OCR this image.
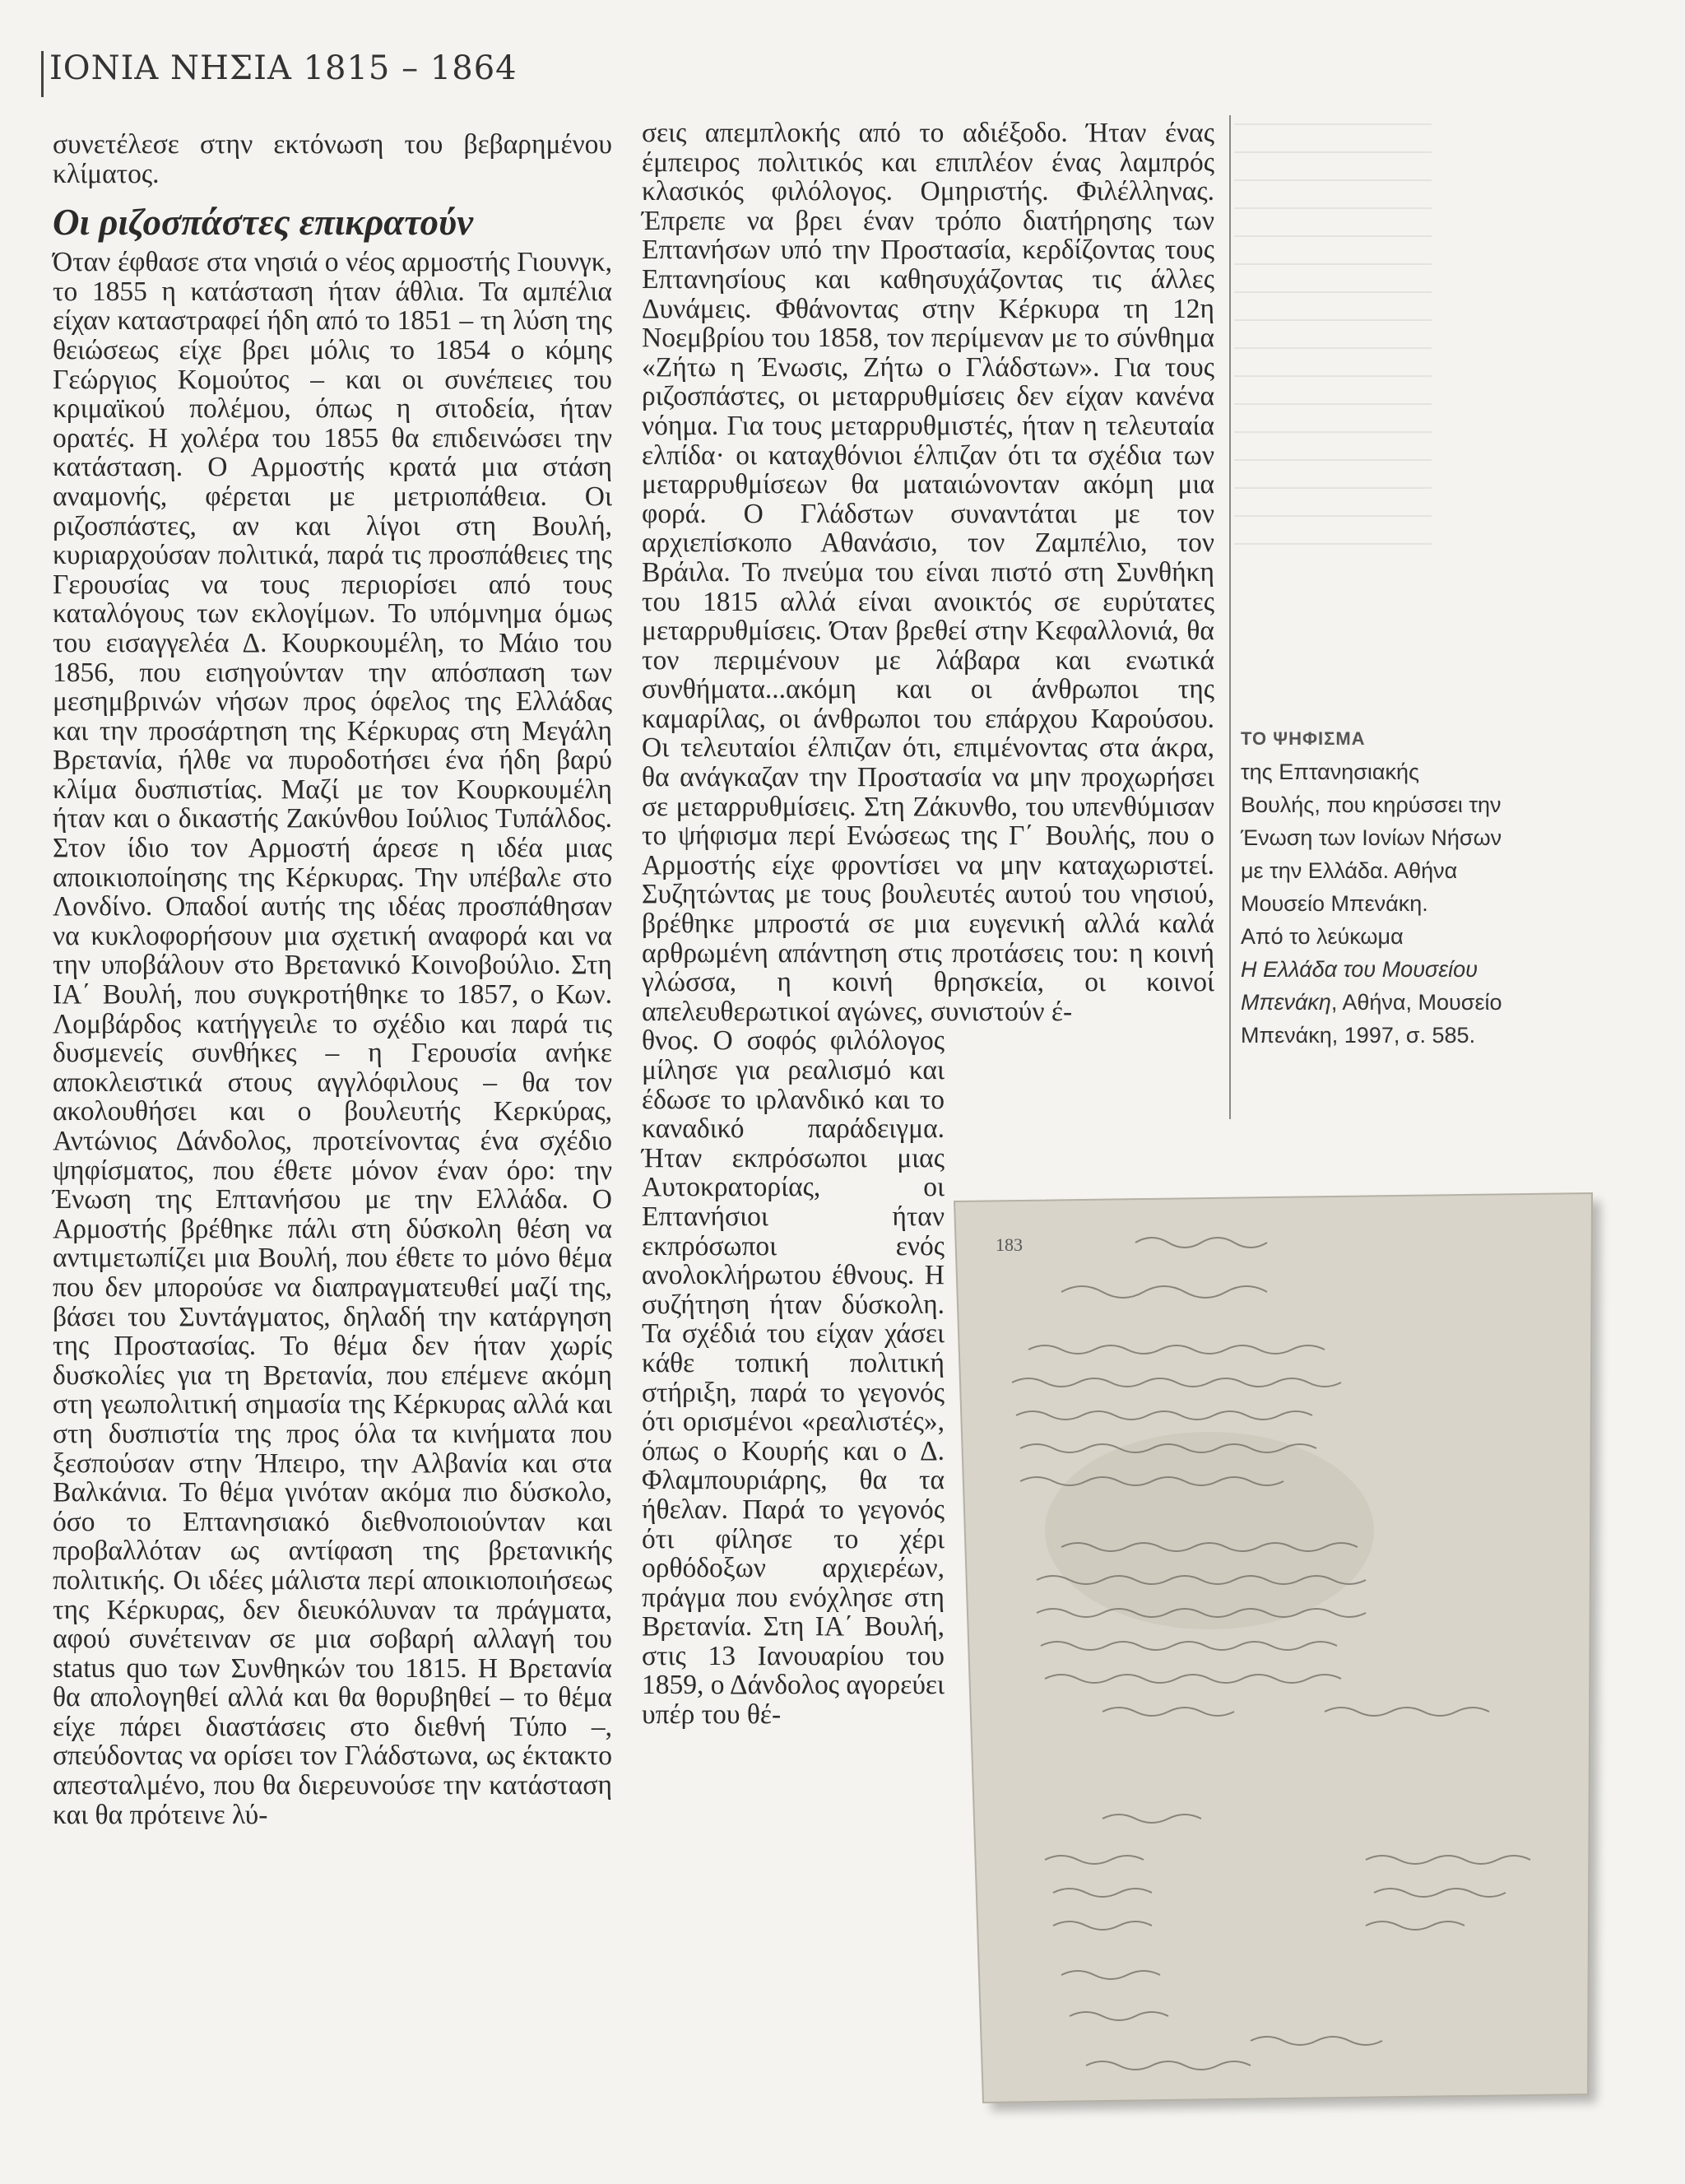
ΙΟΝΙΑ ΝΗΣΙΑ 1815 – 1864

συνετέλεσε στην εκτόνωση του βεβαρημένου κλίματος.

Οι ριζοσπάστες επικρατούν

Όταν έφθασε στα νησιά ο νέος αρμοστής Γιουνγκ, το 1855 η κατάσταση ήταν άθλια. Τα αμπέλια είχαν καταστραφεί ήδη από το 1851 – τη λύση της θειώσεως είχε βρει μόλις το 1854 ο κόμης Γεώργιος Κομούτος – και οι συνέπειες του κριμαϊκού πολέμου, όπως η σιτοδεία, ήταν ορατές. Η χολέρα του 1855 θα επιδεινώσει την κατάσταση. Ο Αρμοστής κρατά μια στάση αναμονής, φέρεται με μετριοπάθεια. Οι ριζοσπάστες, αν και λίγοι στη Βουλή, κυριαρχούσαν πολιτικά, παρά τις προσπάθειες της Γερουσίας να τους περιορίσει από τους καταλόγους των εκλογίμων. Το υπόμνημα όμως του εισαγγελέα Δ. Κουρκουμέλη, το Μάιο του 1856, που εισηγούνταν την απόσπαση των μεσημβρινών νήσων προς όφελος της Ελλάδας και την προσάρτηση της Κέρκυρας στη Μεγάλη Βρετανία, ήλθε να πυροδοτήσει ένα ήδη βαρύ κλίμα δυσπιστίας. Μαζί με τον Κουρκουμέλη ήταν και ο δικαστής Ζακύνθου Ιούλιος Τυπάλδος. Στον ίδιο τον Αρμοστή άρεσε η ιδέα μιας αποικιοποίησης της Κέρκυρας. Την υπέβαλε στο Λονδίνο. Οπαδοί αυτής της ιδέας προσπάθησαν να κυκλοφορήσουν μια σχετική αναφορά και να την υποβάλουν στο Βρετανικό Κοινοβούλιο. Στη ΙΑ΄ Βουλή, που συγκροτήθηκε το 1857, ο Κων. Λομβάρδος κατήγγειλε το σχέδιο και παρά τις δυσμενείς συνθήκες – η Γερουσία ανήκε αποκλειστικά στους αγγλόφιλους – θα τον ακολουθήσει και ο βουλευτής Κερκύρας, Αντώνιος Δάνδολος, προτείνοντας ένα σχέδιο ψηφίσματος, που έθετε μόνον έναν όρο: την Ένωση της Επτανήσου με την Ελλάδα. Ο Αρμοστής βρέθηκε πάλι στη δύσκολη θέση να αντιμετωπίζει μια Βουλή, που έθετε το μόνο θέμα που δεν μπορούσε να διαπραγματευθεί μαζί της, βάσει του Συντάγματος, δηλαδή την κατάργηση της Προστασίας. Το θέμα δεν ήταν χωρίς δυσκολίες για τη Βρετανία, που επέμενε ακόμη στη γεωπολιτική σημασία της Κέρκυρας αλλά και στη δυσπιστία της προς όλα τα κινήματα που ξεσπούσαν στην Ήπειρο, την Αλβανία και στα Βαλκάνια. Το θέμα γινόταν ακόμα πιο δύσκολο, όσο το Επτανησιακό διεθνοποιούνταν και προβαλλόταν ως αντίφαση της βρετανικής πολιτικής. Οι ιδέες μάλιστα περί αποικιοποιήσεως της Κέρκυρας, δεν διευκόλυναν τα πράγματα, αφού συνέτειναν σε μια σοβαρή αλλαγή του status quo των Συνθηκών του 1815. Η Βρετανία θα απολογηθεί αλλά και θα θορυβηθεί – το θέμα είχε πάρει διαστάσεις στο διεθνή Τύπο –, σπεύδοντας να ορίσει τον Γλάδστωνα, ως έκτακτο απεσταλμένο, που θα διερευνούσε την κατάσταση και θα πρότεινε λύ-

σεις απεμπλοκής από το αδιέξοδο. Ήταν ένας έμπειρος πολιτικός και επιπλέον ένας λαμπρός κλασικός φιλόλογος. Ομηριστής. Φιλέλληνας. Έπρεπε να βρει έναν τρόπο διατήρησης των Επτανήσων υπό την Προστασία, κερδίζοντας τους Επτανησίους και καθησυχάζοντας τις άλλες Δυνάμεις. Φθάνοντας στην Κέρκυρα τη 12η Νοεμβρίου του 1858, τον περίμεναν με το σύνθημα «Ζήτω η Ένωσις, Ζήτω ο Γλάδστων». Για τους ριζοσπάστες, οι μεταρρυθμίσεις δεν είχαν κανένα νόημα. Για τους μεταρρυθμιστές, ήταν η τελευταία ελπίδα· οι καταχθόνιοι έλπιζαν ότι τα σχέδια των μεταρρυθμίσεων θα ματαιώνονταν ακόμη μια φορά. Ο Γλάδστων συναντάται με τον αρχιεπίσκοπο Αθανάσιο, τον Ζαμπέλιο, τον Βράιλα. Το πνεύμα του είναι πιστό στη Συνθήκη του 1815 αλλά είναι ανοικτός σε ευρύτατες μεταρρυθμίσεις. Όταν βρεθεί στην Κεφαλλονιά, θα τον περιμένουν με λάβαρα και ενωτικά συνθήματα...ακόμη και οι άνθρωποι της καμαρίλας, οι άνθρωποι του επάρχου Καρούσου. Οι τελευταίοι έλπιζαν ότι, επιμένοντας στα άκρα, θα ανάγκαζαν την Προστασία να μην προχωρήσει σε μεταρρυθμίσεις. Στη Ζάκυνθο, του υπενθύμισαν το ψήφισμα περί Ενώσεως της Γ΄ Βουλής, που ο Αρμοστής είχε φροντίσει να μην καταχωριστεί. Συζητώντας με τους βουλευτές αυτού του νησιού, βρέθηκε μπροστά σε μια ευγενική αλλά καλά αρθρωμένη απάντηση στις προτάσεις του: η κοινή γλώσσα, η κοινή θρησκεία, οι κοινοί απελευθερωτικοί αγώνες, συνιστούν έ-

θνος. Ο σοφός φιλόλογος μίλησε για ρεαλισμό και έδωσε το ιρλανδικό και το καναδικό παράδειγμα. Ήταν εκπρόσωποι μιας Αυτοκρατορίας, οι Επτανήσιοι ήταν εκπρόσωποι ενός ανολοκλήρωτου έθνους. Η συζήτηση ήταν δύσκολη. Τα σχέδιά του είχαν χάσει κάθε τοπική πολιτική στήριξη, παρά το γεγονός ότι ορισμένοι «ρεαλιστές», όπως ο Κουρής και ο Δ. Φλαμπουριάρης, θα τα ήθελαν. Παρά το γεγονός ότι φίλησε το χέρι ορθόδοξων αρχιερέων, πράγμα που ενόχλησε στη Βρετανία. Στη ΙΑ΄ Βουλή, στις 13 Ιανουαρίου του 1859, ο Δάνδολος αγορεύει υπέρ του θέ-

ΤΟ ΨΗΦΙΣΜΑ
της Επτανησιακής Βουλής, που κηρύσσει την Ένωση των Ιονίων Νήσων με την Ελλάδα. Αθήνα Μουσείο Μπενάκη.
Από το λεύκωμα
Η Ελλάδα του Μουσείου Μπενάκη, Αθήνα, Μουσείο Μπενάκη, 1997, σ. 585.
183
